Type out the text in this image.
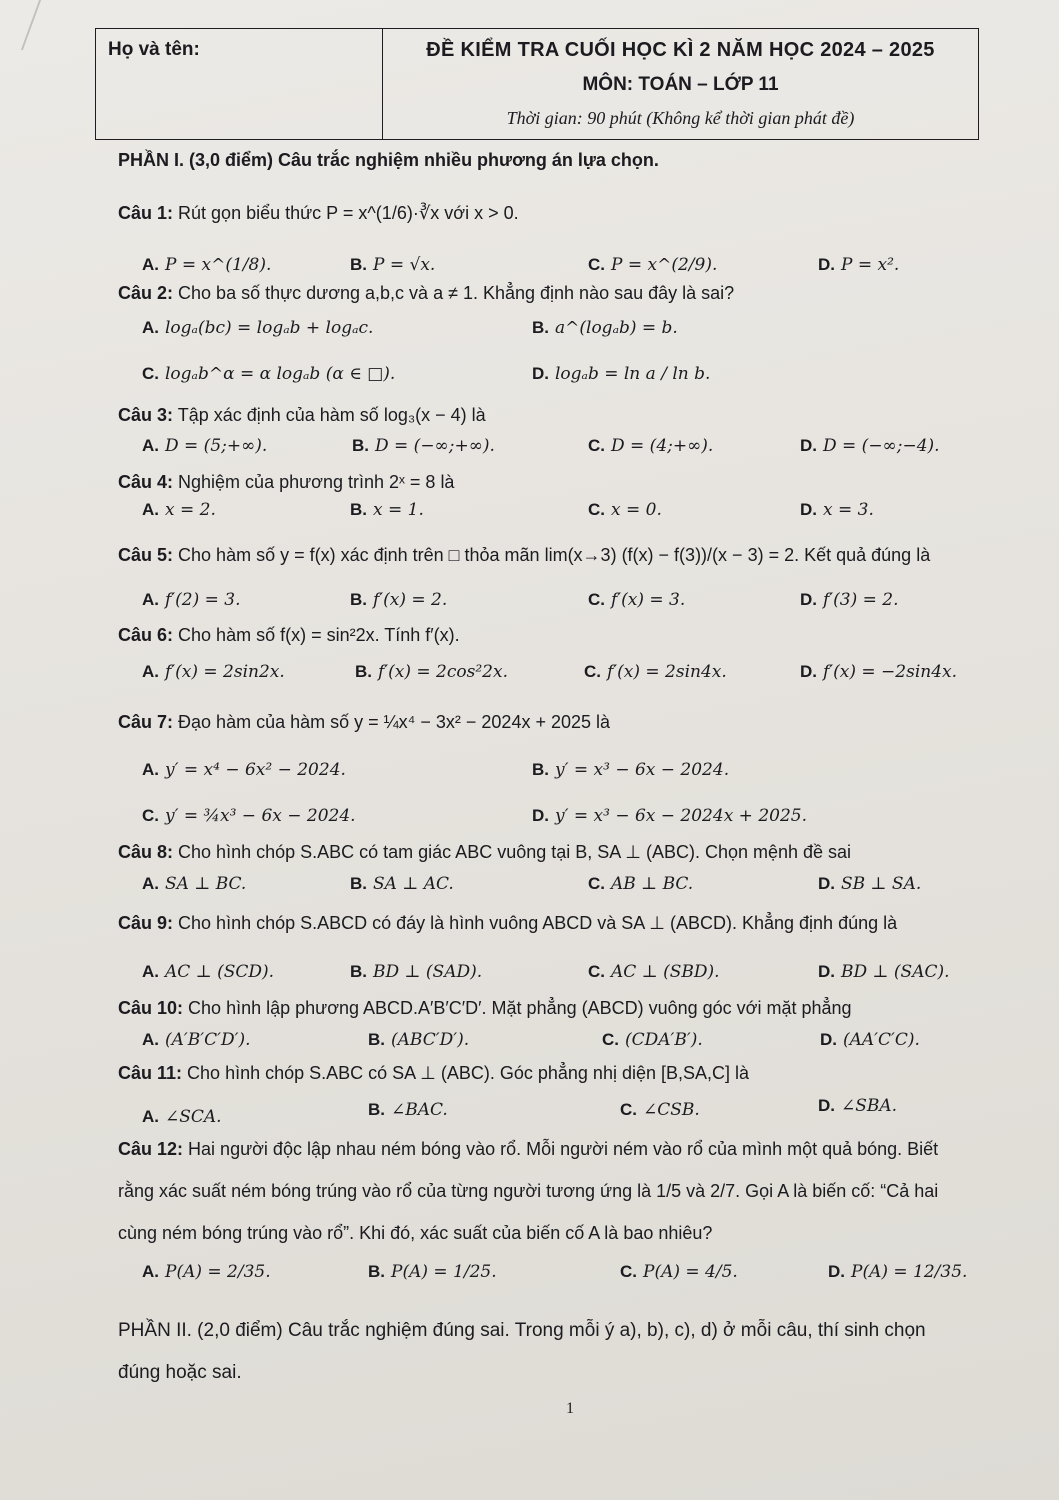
Họ và tên:	ĐỀ KIỂM TRA CUỐI HỌC KÌ 2 NĂM HỌC 2024 – 2025
MÔN: TOÁN – LỚP 11
Thời gian: 90 phút (Không kể thời gian phát đề)
PHẦN I. (3,0 điểm) Câu trắc nghiệm nhiều phương án lựa chọn.
Câu 1: Rút gọn biểu thức P = x^(1/6)·∛x với x > 0.
A. P = x^(1/8).	B. P = √x.	C. P = x^(2/9).	D. P = x².
Câu 2: Cho ba số thực dương a,b,c và a ≠ 1. Khẳng định nào sau đây là sai?
A. logₐ(bc) = logₐb + logₐc.	B. a^(logₐb) = b.
C. logₐb^α = α logₐb (α ∈ □).	D. logₐb = ln a / ln b.
Câu 3: Tập xác định của hàm số log₃(x − 4) là
A. D = (5;+∞).	B. D = (−∞;+∞).	C. D = (4;+∞).	D. D = (−∞;−4).
Câu 4: Nghiệm của phương trình 2ˣ = 8 là
A. x = 2.	B. x = 1.	C. x = 0.	D. x = 3.
Câu 5: Cho hàm số y = f(x) xác định trên □ thỏa mãn lim(x→3) (f(x) − f(3))/(x − 3) = 2. Kết quả đúng là
A. f′(2) = 3.	B. f′(x) = 2.	C. f′(x) = 3.	D. f′(3) = 2.
Câu 6: Cho hàm số f(x) = sin²2x. Tính f′(x).
A. f′(x) = 2sin2x.	B. f′(x) = 2cos²2x.	C. f′(x) = 2sin4x.	D. f′(x) = −2sin4x.
Câu 7: Đạo hàm của hàm số y = ¼x⁴ − 3x² − 2024x + 2025 là
A. y′ = x⁴ − 6x² − 2024.	B. y′ = x³ − 6x − 2024.
C. y′ = ¾x³ − 6x − 2024.	D. y′ = x³ − 6x − 2024x + 2025.
Câu 8: Cho hình chóp S.ABC có tam giác ABC vuông tại B, SA ⊥ (ABC). Chọn mệnh đề sai
A. SA ⊥ BC.	B. SA ⊥ AC.	C. AB ⊥ BC.	D. SB ⊥ SA.
Câu 9: Cho hình chóp S.ABCD có đáy là hình vuông ABCD và SA ⊥ (ABCD). Khẳng định đúng là
A. AC ⊥ (SCD).	B. BD ⊥ (SAD).	C. AC ⊥ (SBD).	D. BD ⊥ (SAC).
Câu 10: Cho hình lập phương ABCD.A′B′C′D′. Mặt phẳng (ABCD) vuông góc với mặt phẳng
A. (A′B′C′D′).	B. (ABC′D′).	C. (CDA′B′).	D. (AA′C′C).
Câu 11: Cho hình chóp S.ABC có SA ⊥ (ABC). Góc phẳng nhị diện [B,SA,C] là
A. ∠SCA.	B. ∠BAC.	C. ∠CSB.	D. ∠SBA.
Câu 12: Hai người độc lập nhau ném bóng vào rổ. Mỗi người ném vào rổ của mình một quả bóng. Biết rằng xác suất ném bóng trúng vào rổ của từng người tương ứng là 1/5 và 2/7. Gọi A là biến cố: “Cả hai cùng ném bóng trúng vào rổ”. Khi đó, xác suất của biến cố A là bao nhiêu?
A. P(A) = 2/35.	B. P(A) = 1/25.	C. P(A) = 4/5.	D. P(A) = 12/35.
PHẦN II. (2,0 điểm) Câu trắc nghiệm đúng sai. Trong mỗi ý a), b), c), d) ở mỗi câu, thí sinh chọn đúng hoặc sai.
1
